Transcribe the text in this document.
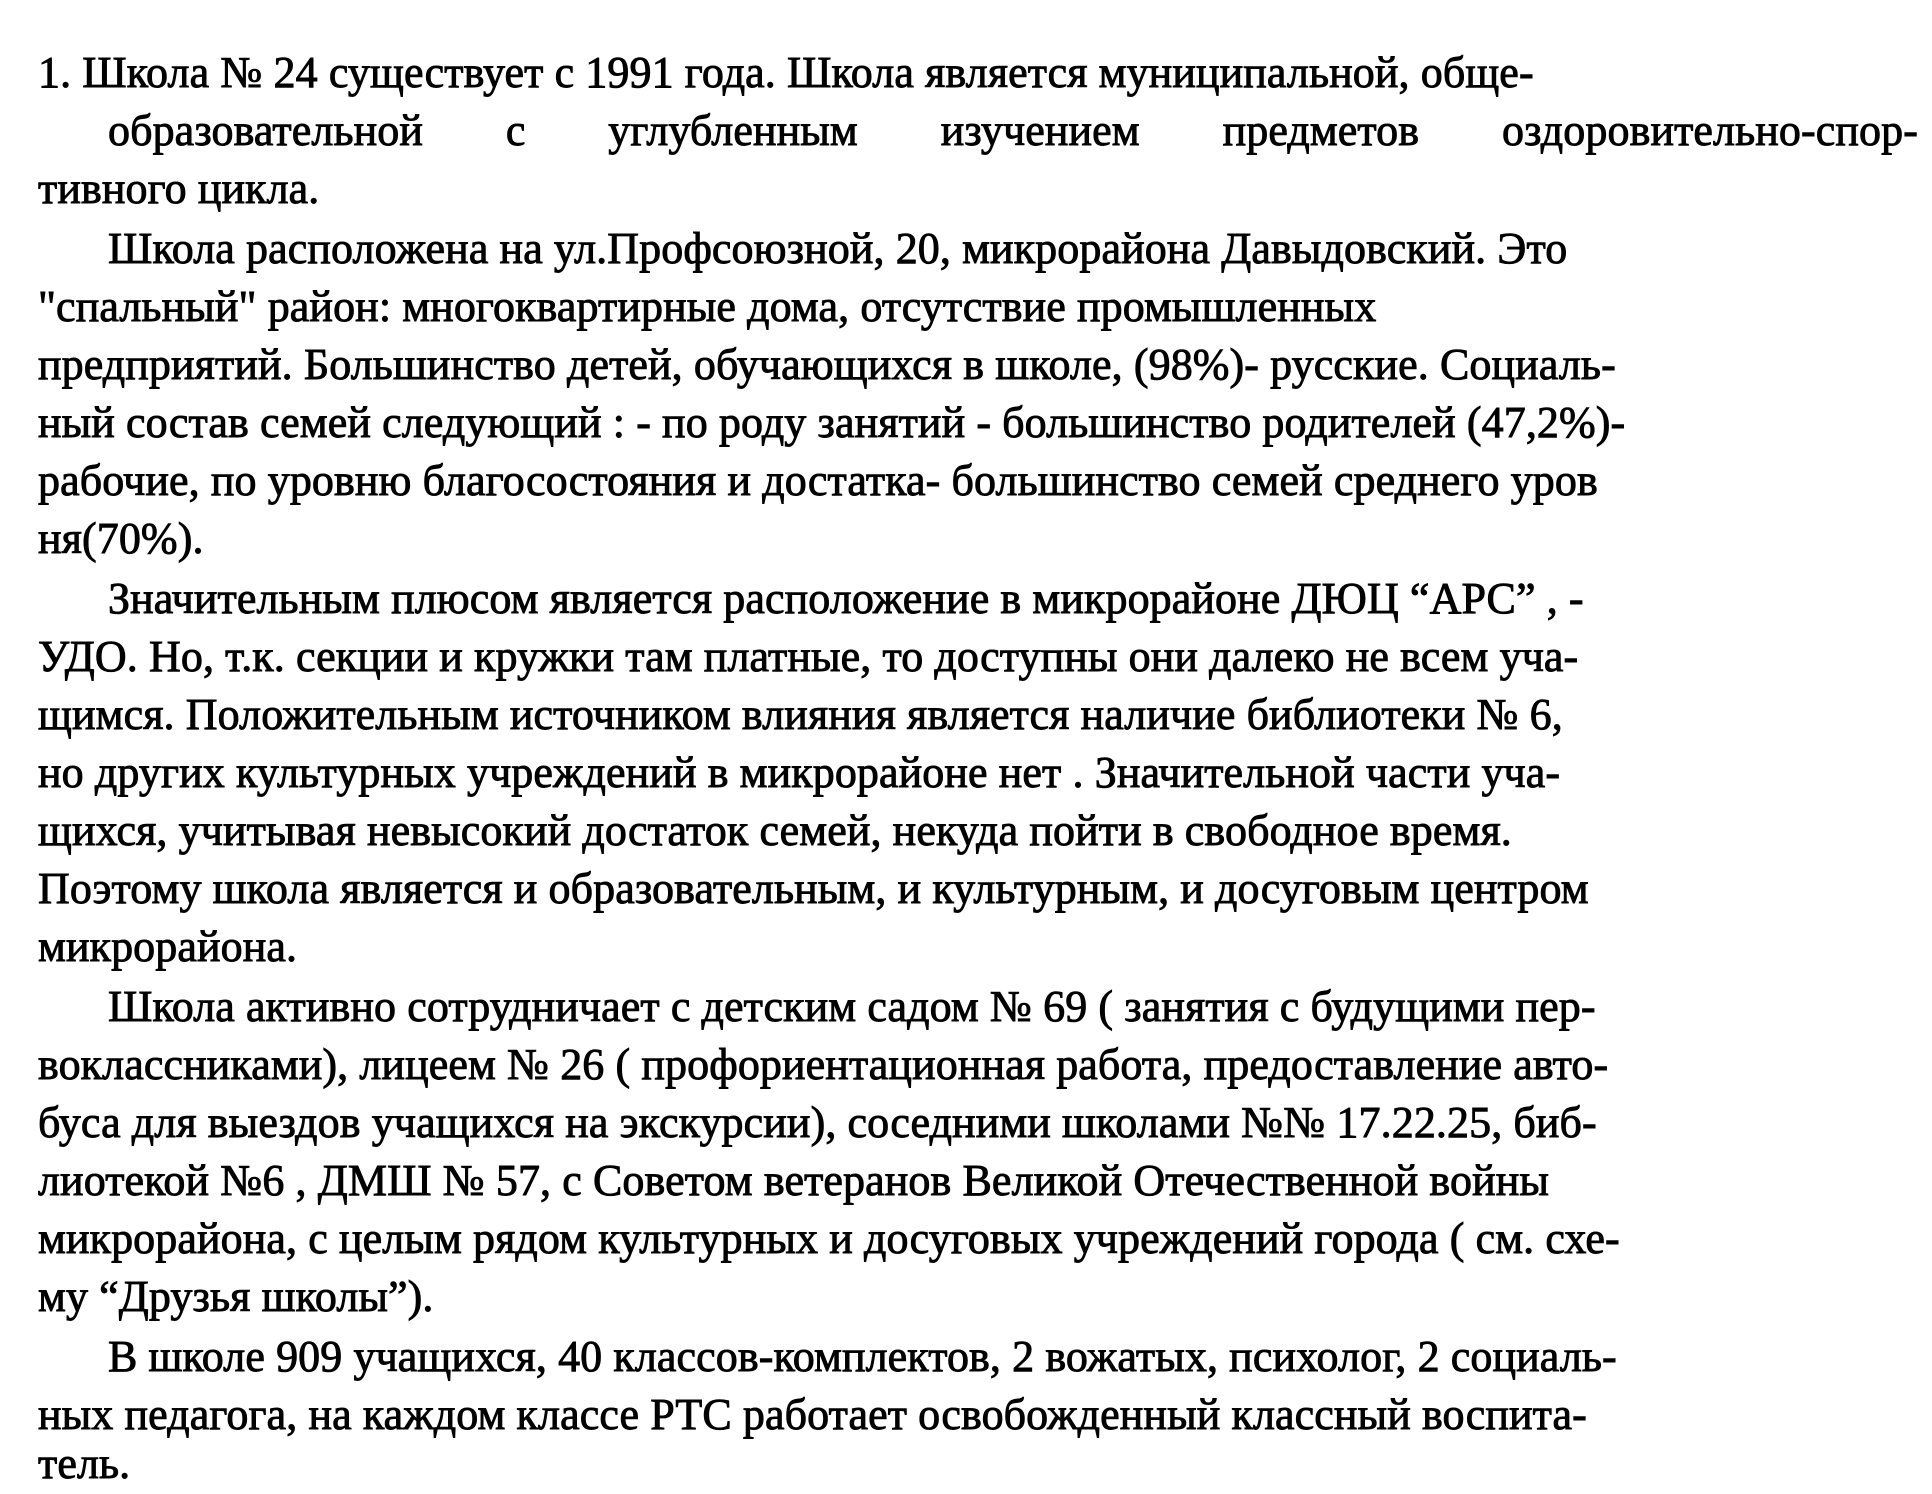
1. Школа № 24 существует с 1991 года. Школа является муниципальной, обще-
образовательной с углубленным изучением предметов оздоровительно-спор-
тивного цикла.
Школа расположена на ул.Профсоюзной, 20, микрорайона Давыдовский. Это
"спальный" район: многоквартирные дома, отсутствие промышленных
предприятий. Большинство детей, обучающихся в школе, (98%)- русские. Социаль-
ный состав семей следующий : - по роду занятий - большинство родителей (47,2%)-
рабочие, по уровню благосостояния и достатка- большинство семей среднего уров
ня(70%).
Значительным плюсом является расположение в микрорайоне ДЮЦ “АРС” , -
УДО. Но, т.к. секции и кружки там платные, то доступны они далеко не всем уча-
щимся. Положительным источником влияния является наличие библиотеки № 6,
но других культурных учреждений в микрорайоне нет . Значительной части уча-
щихся, учитывая невысокий достаток семей, некуда пойти в свободное время.
Поэтому школа является и образовательным, и культурным, и досуговым центром
микрорайона.
Школа активно сотрудничает с детским садом № 69 ( занятия с будущими пер-
воклассниками), лицеем № 26 ( профориентационная работа, предоставление авто-
буса для выездов учащихся на экскурсии), соседними школами №№ 17.22.25, биб-
лиотекой №6 , ДМШ № 57, с Советом ветеранов Великой Отечественной войны
микрорайона, с целым рядом культурных и досуговых учреждений города ( см. схе-
му “Друзья школы”).
В школе 909 учащихся, 40 классов-комплектов, 2 вожатых, психолог, 2 социаль-
ных педагога, на каждом классе РТС работает освобожденный классный воспита-
тель.
